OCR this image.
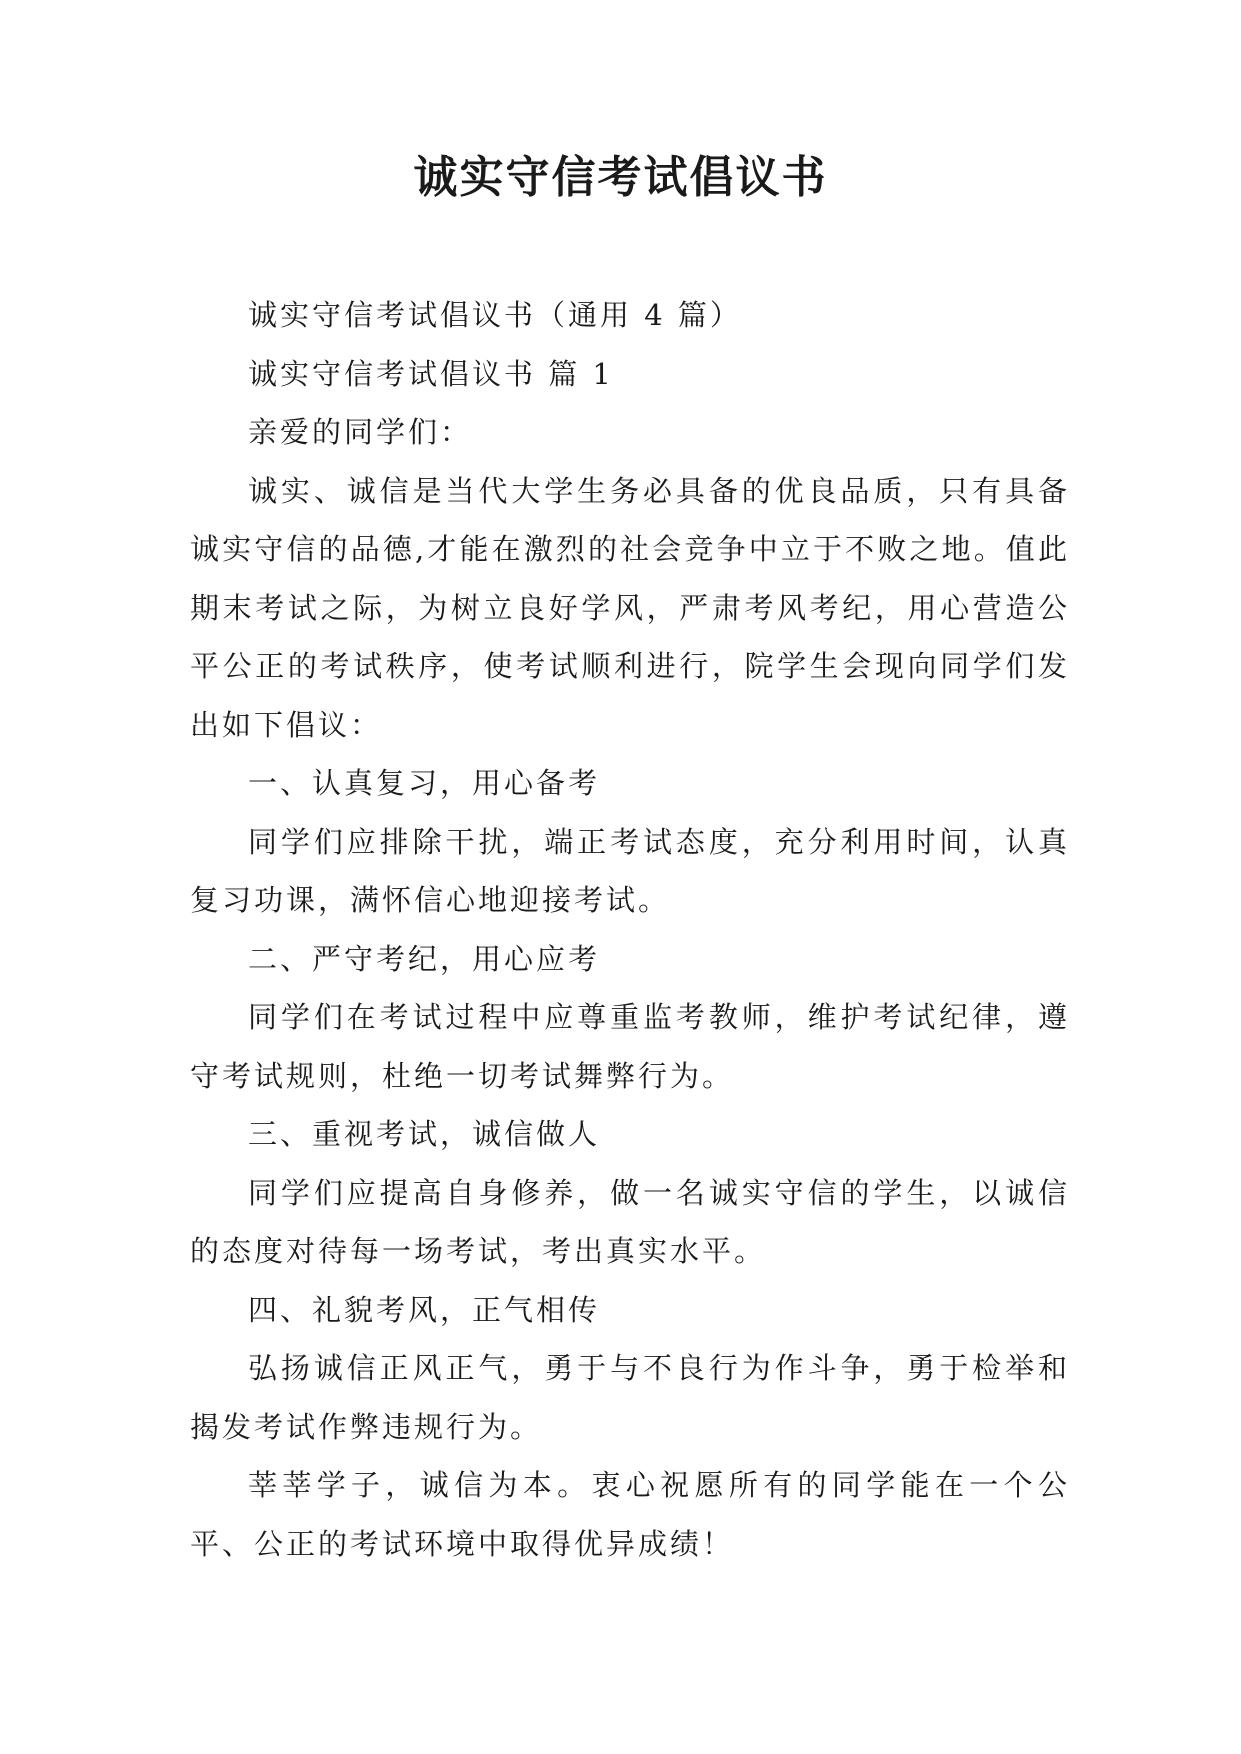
诚实守信考试倡议书

诚实守信考试倡议书（通用 4 篇）

诚实守信考试倡议书 篇 1

亲爱的同学们：

诚实、诚信是当代大学生务必具备的优良品质，只有具备诚实守信的品德,才能在激烈的社会竞争中立于不败之地。值此期末考试之际，为树立良好学风，严肃考风考纪，用心营造公平公正的考试秩序，使考试顺利进行，院学生会现向同学们发出如下倡议：

一、认真复习，用心备考

同学们应排除干扰，端正考试态度，充分利用时间，认真复习功课，满怀信心地迎接考试。

二、严守考纪，用心应考

同学们在考试过程中应尊重监考教师，维护考试纪律，遵守考试规则，杜绝一切考试舞弊行为。

三、重视考试，诚信做人

同学们应提高自身修养，做一名诚实守信的学生，以诚信的态度对待每一场考试，考出真实水平。

四、礼貌考风，正气相传

弘扬诚信正风正气，勇于与不良行为作斗争，勇于检举和揭发考试作弊违规行为。

莘莘学子，诚信为本。衷心祝愿所有的同学能在一个公平、公正的考试环境中取得优异成绩！
